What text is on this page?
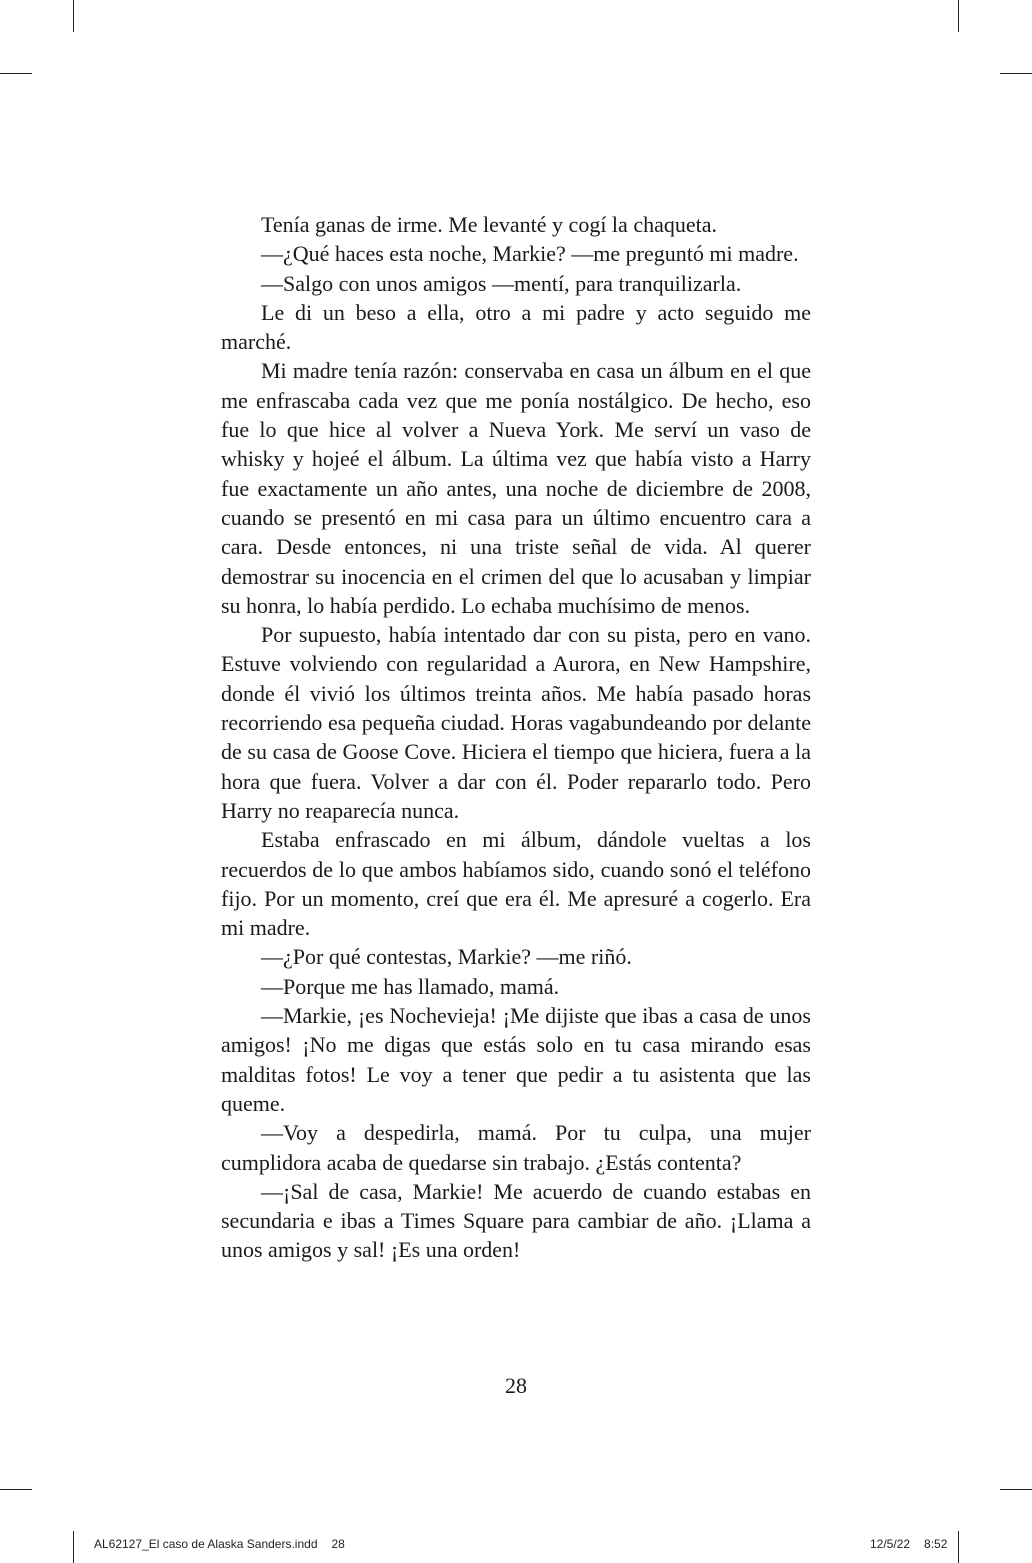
Tenía ganas de irme. Me levanté y cogí la chaqueta.

—¿Qué haces esta noche, Markie? —me preguntó mi madre.

—Salgo con unos amigos —mentí, para tranquilizarla.

Le di un beso a ella, otro a mi padre y acto seguido me marché.

Mi madre tenía razón: conservaba en casa un álbum en el que me enfrascaba cada vez que me ponía nostálgico. De hecho, eso fue lo que hice al volver a Nueva York. Me serví un vaso de whisky y hojeé el álbum. La última vez que había visto a Harry fue exactamente un año antes, una noche de diciembre de 2008, cuando se presentó en mi casa para un último encuentro cara a cara. Desde entonces, ni una triste señal de vida. Al querer demostrar su inocencia en el crimen del que lo acusaban y limpiar su honra, lo había perdido. Lo echaba muchísimo de menos.

Por supuesto, había intentado dar con su pista, pero en vano. Estuve volviendo con regularidad a Aurora, en New Hampshire, donde él vivió los últimos treinta años. Me había pasado horas recorriendo esa pequeña ciudad. Horas vagabundeando por delante de su casa de Goose Cove. Hiciera el tiempo que hiciera, fuera a la hora que fuera. Volver a dar con él. Poder repararlo todo. Pero Harry no reaparecía nunca.

Estaba enfrascado en mi álbum, dándole vueltas a los recuerdos de lo que ambos habíamos sido, cuando sonó el teléfono fijo. Por un momento, creí que era él. Me apresuré a cogerlo. Era mi madre.

—¿Por qué contestas, Markie? —me riñó.

—Porque me has llamado, mamá.

—Markie, ¡es Nochevieja! ¡Me dijiste que ibas a casa de unos amigos! ¡No me digas que estás solo en tu casa mirando esas malditas fotos! Le voy a tener que pedir a tu asistenta que las queme.

—Voy a despedirla, mamá. Por tu culpa, una mujer cumplidora acaba de quedarse sin trabajo. ¿Estás contenta?

—¡Sal de casa, Markie! Me acuerdo de cuando estabas en secundaria e ibas a Times Square para cambiar de año. ¡Llama a unos amigos y sal! ¡Es una orden!

28
AL62127_El caso de Alaska Sanders.indd 28	12/5/22 8:52
